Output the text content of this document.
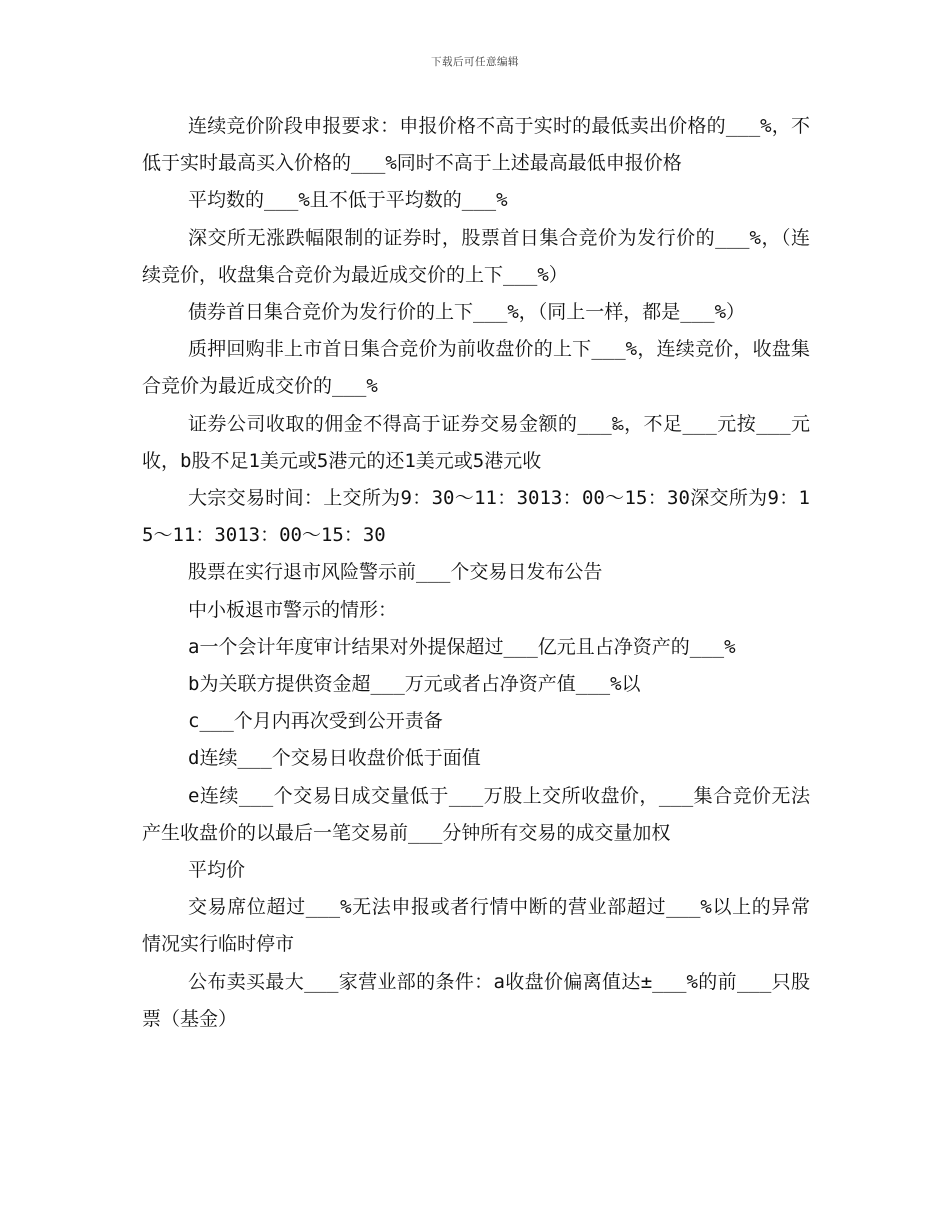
下载后可任意编辑

连续竞价阶段申报要求：申报价格不高于实时的最低卖出价格的___%，不低于实时最高买入价格的___%同时不高于上述最高最低申报价格

平均数的___%且不低于平均数的___%

深交所无涨跌幅限制的证券时，股票首日集合竞价为发行价的___%，（连续竞价，收盘集合竞价为最近成交价的上下___%）

债券首日集合竞价为发行价的上下___%，（同上一样，都是___%）

质押回购非上市首日集合竞价为前收盘价的上下___%，连续竞价，收盘集合竞价为最近成交价的___%

证券公司收取的佣金不得高于证券交易金额的___‰，不足___元按___元收，b股不足1美元或5港元的还1美元或5港元收

大宗交易时间：上交所为9：30～11：3013：00～15：30深交所为9：15～11：3013：00～15：30

股票在实行退市风险警示前___个交易日发布公告

中小板退市警示的情形：

a一个会计年度审计结果对外提保超过___亿元且占净资产的___%

b为关联方提供资金超___万元或者占净资产值___%以

c___个月内再次受到公开责备

d连续___个交易日收盘价低于面值

e连续___个交易日成交量低于___万股上交所收盘价，___集合竞价无法产生收盘价的以最后一笔交易前___分钟所有交易的成交量加权

平均价

交易席位超过___%无法申报或者行情中断的营业部超过___%以上的异常情况实行临时停市

公布卖买最大___家营业部的条件：a收盘价偏离值达±___%的前___只股票（基金）
